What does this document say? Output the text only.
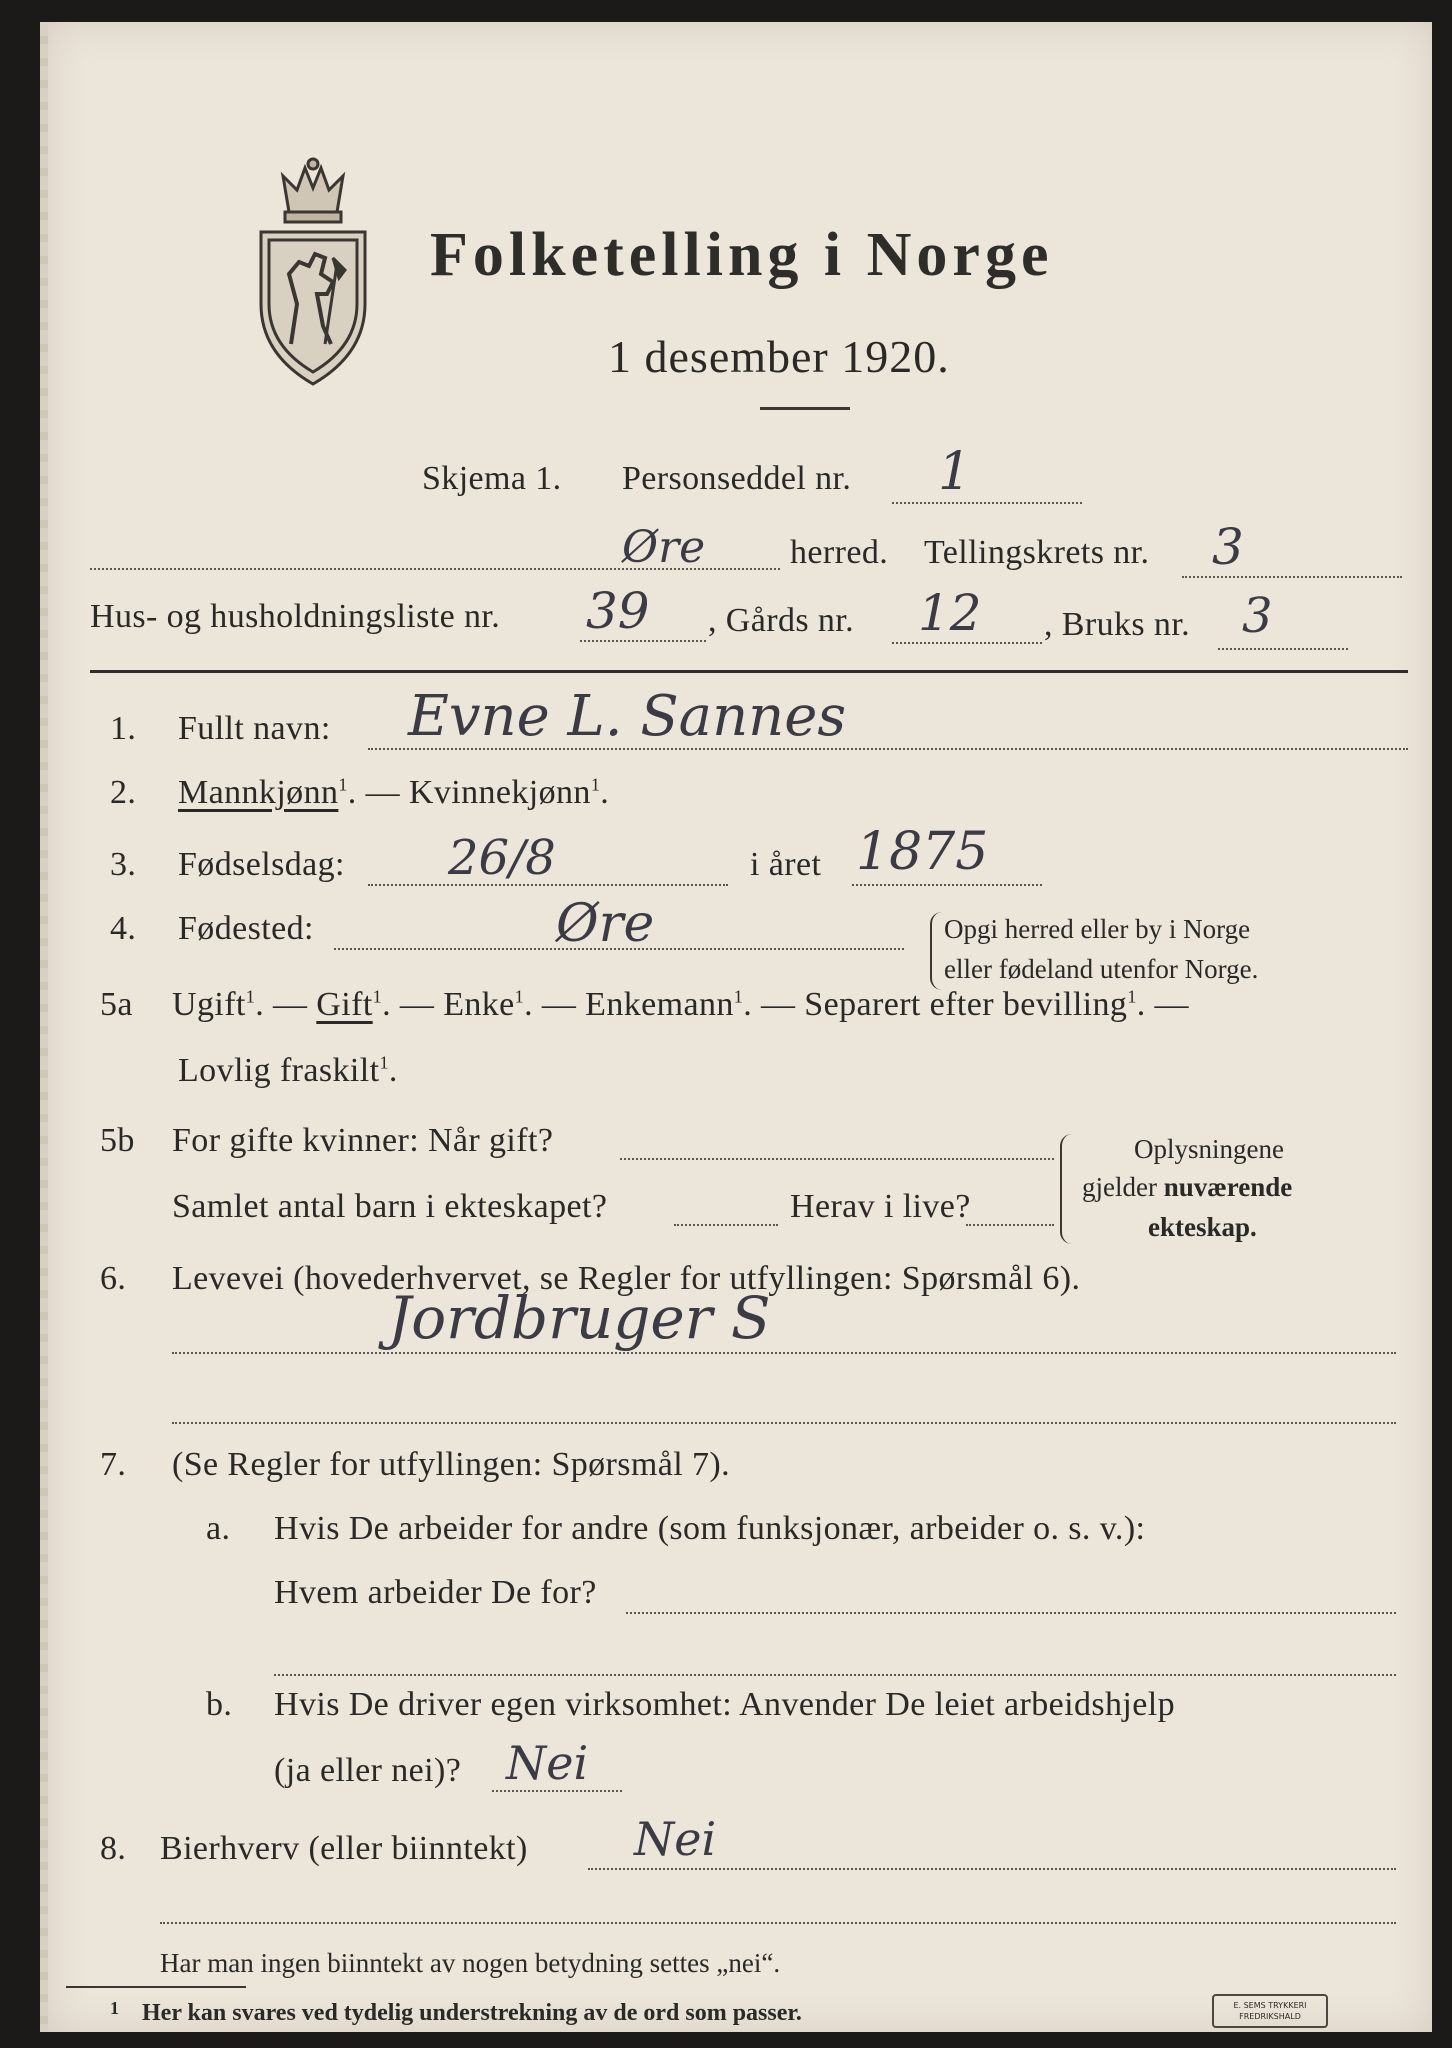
Folketelling i Norge
1 desember 1920.
Skjema 1. Personseddel nr. 1
Øre herred. Tellingskrets nr. 3
Hus- og husholdningsliste nr. 39 , Gårds nr. 12 , Bruks nr. 3
1. Fullt navn: Evne L. Sannes
2. Mannkjønn$^1$. — Kvinnekjønn$^1$.
3. Fødselsdag: 26/8	i året 1875
4. Fødested:	Øre	Opgi herred eller by i Norge
eller fødeland utenfor Norge.
5a Ugift$^1$. — Gift$^1$. — Enke$^1$. — Enkemann$^1$. — Separert efter bevilling$^1$. —
Lovlig fraskilt$^1$.
5b For gifte kvinner: Når gift?
Samlet antal barn i ekteskapet?	Herav i live?
Oplysningene
gjelder nuværende
ekteskap.
6. Levevei (hovederhvervet, se Regler for utfyllingen: Spørsmål 6).
Jordbruger S
7. (Se Regler for utfyllingen: Spørsmål 7).
a. Hvis De arbeider for andre (som funksjonær, arbeider o. s. v.):
Hvem arbeider De for?
b. Hvis De driver egen virksomhet: Anvender De leiet arbeidshjelp
(ja eller nei)? Nei
8. Bierhverv (eller biinntekt) Nei
Har man ingen biinntekt av nogen betydning settes „nei“.
1 Her kan svares ved tydelig understrekning av de ord som passer.	E. SEMS TRYKKERI
FREDRIKSHALD
